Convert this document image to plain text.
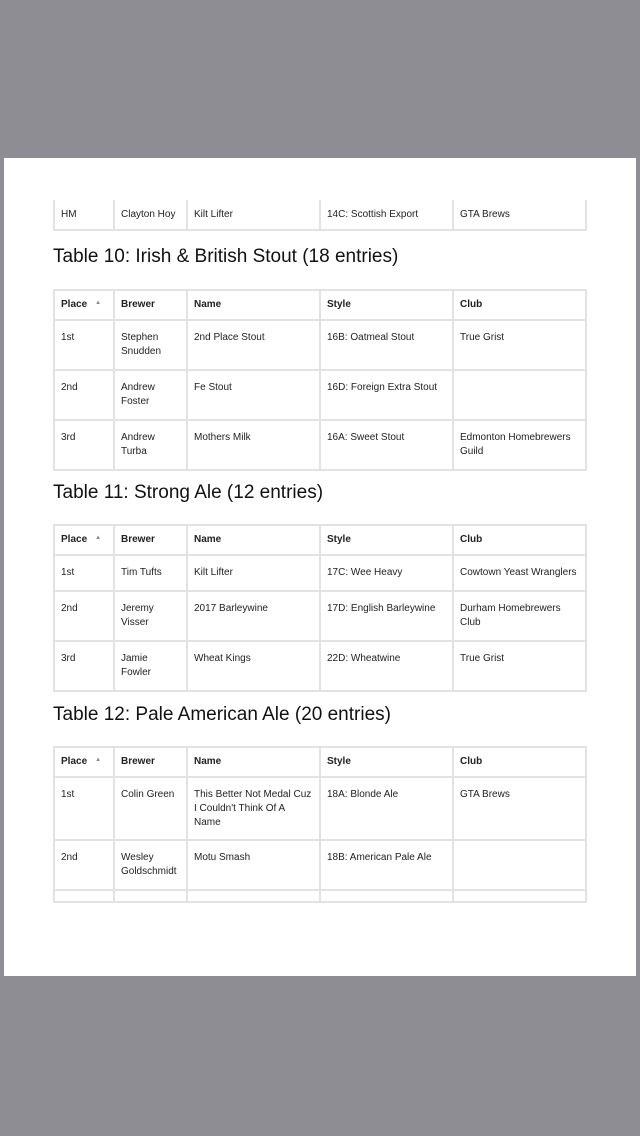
HM	Clayton Hoy	Kilt Lifter	14C: Scottish Export	GTA Brews
Table 10: Irish & British Stout (18 entries)
Place ▲	Brewer	Name	Style	Club
1st	Stephen Snudden	2nd Place Stout	16B: Oatmeal Stout	True Grist
2nd	Andrew Foster	Fe Stout	16D: Foreign Extra Stout	
3rd	Andrew Turba	Mothers Milk	16A: Sweet Stout	Edmonton Homebrewers Guild
Table 11: Strong Ale (12 entries)
Place ▲	Brewer	Name	Style	Club
1st	Tim Tufts	Kilt Lifter	17C: Wee Heavy	Cowtown Yeast Wranglers
2nd	Jeremy Visser	2017 Barleywine	17D: English Barleywine	Durham Homebrewers Club
3rd	Jamie Fowler	Wheat Kings	22D: Wheatwine	True Grist
Table 12: Pale American Ale (20 entries)
Place ▲	Brewer	Name	Style	Club
1st	Colin Green	This Better Not Medal Cuz I Couldn't Think Of A Name	18A: Blonde Ale	GTA Brews
2nd	Wesley Goldschmidt	Motu Smash	18B: American Pale Ale	
